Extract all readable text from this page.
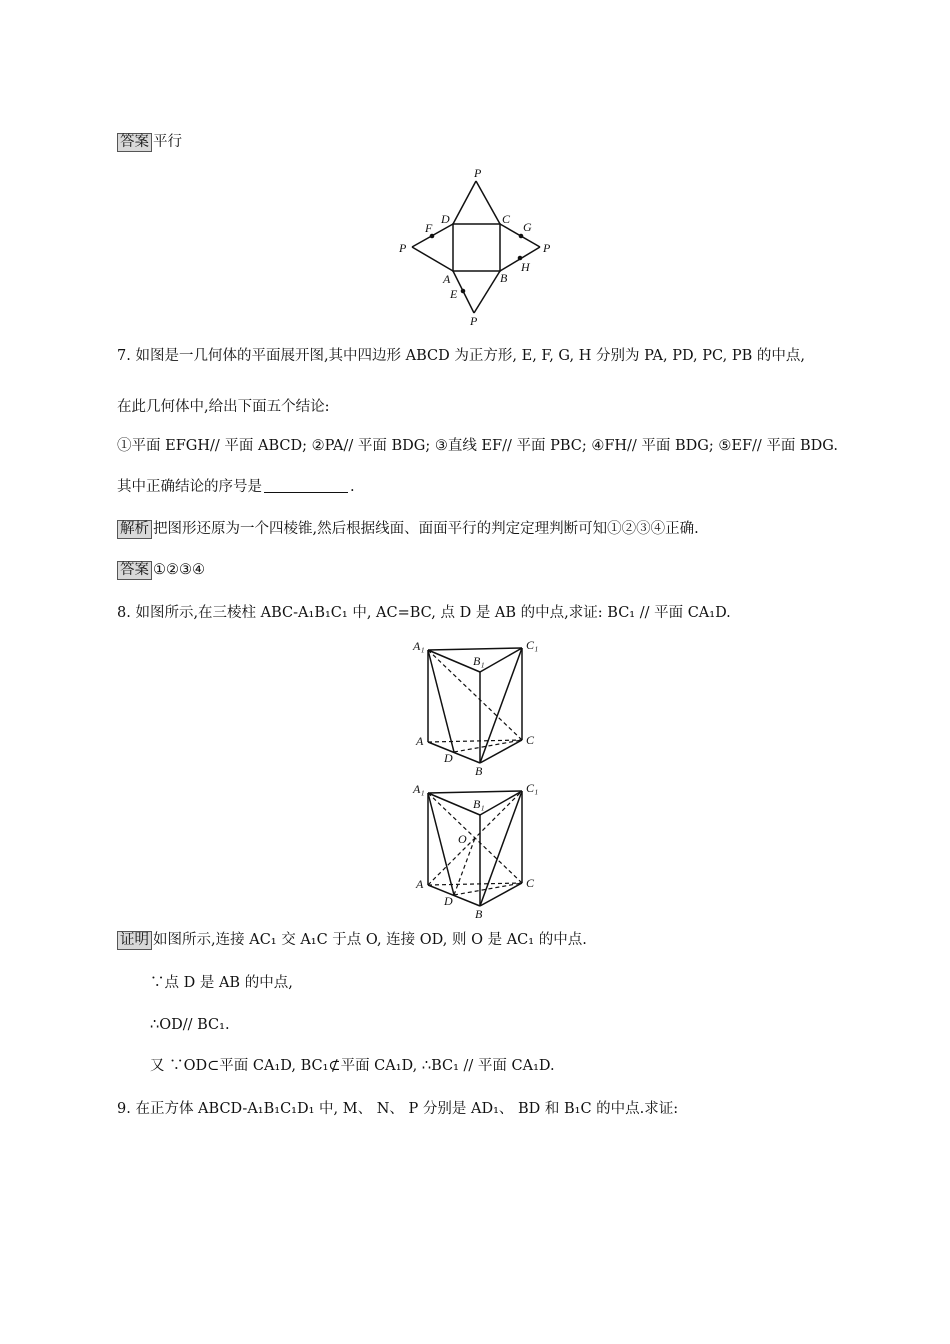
答案 平行
P
D	C
F	G
P	P
A	B
H
E
P
7. 如图是一几何体的平面展开图,其中四边形 ABCD 为正方形, E, F, G, H 分别为 PA, PD, PC, PB 的中点,
在此几何体中,给出下面五个结论:
①平面 EFGH// 平面 ABCD; ②PA// 平面 BDG; ③直线 EF// 平面 PBC; ④FH// 平面 BDG; ⑤EF// 平面 BDG.
其中正确结论的序号是	.
解析 把图形还原为一个四棱锥,然后根据线面、面面平行的判定定理判断可知①②③④正确.
答案 ①②③④
8. 如图所示,在三棱柱 ABC-A₁B₁C₁ 中, AC=BC, 点 D 是 AB 的中点,求证: BC₁ // 平面 CA₁D.
A₁
B₁
C₁
A	C
D
B
A₁
B₁
C₁
O
A	C
D
B
证明 如图所示,连接 AC₁ 交 A₁C 于点 O, 连接 OD, 则 O 是 AC₁ 的中点.
∵点 D 是 AB 的中点,
∴OD// BC₁.
又 ∵OD⊂平面 CA₁D, BC₁⊄平面 CA₁D, ∴BC₁ // 平面 CA₁D.
9. 在正方体 ABCD-A₁B₁C₁D₁ 中, M、 N、 P 分别是 AD₁、 BD 和 B₁C 的中点.求证:
